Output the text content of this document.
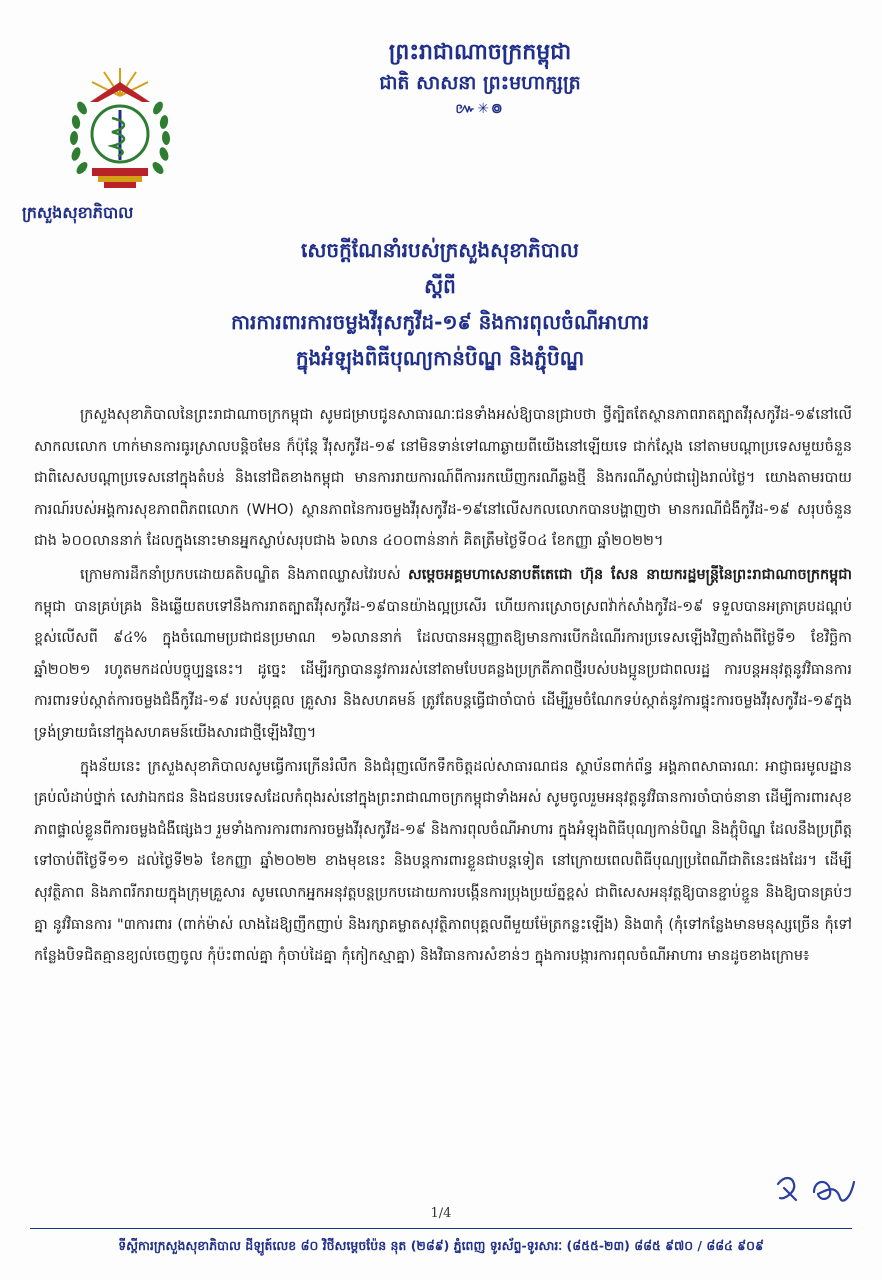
ក្រសួងសុខាភិបាល
ព្រះរាជាណាចក្រកម្ពុជា
ជាតិ សាសនា ព្រះមហាក្សត្រ
៚✳៙
សេចក្តីណែនាំរបស់ក្រសួងសុខាភិបាល
ស្តីពី
ការការពារការចម្លងវីរុសកូវីដ-១៩ និងការពុលចំណីអាហារ
ក្នុងអំឡុងពិធីបុណ្យកាន់បិណ្ឌ និងភ្ជុំបិណ្ឌ

ក្រសួងសុខាភិបាលនៃព្រះរាជាណាចក្រកម្ពុជា សូមជម្រាបជូនសាធារណៈជនទាំងអស់ឱ្យបានជ្រាបថា ថ្វីត្បិតតែស្ថានភាពរាតត្បាតវីរុសកូវីដ-១៩នៅលើសាកលលោក ហាក់មានការធូរស្រាលបន្តិចមែន ក៏ប៉ុន្តែ វីរុសកូវីដ-១៩ នៅមិនទាន់ទៅណាឆ្ងាយពីយើងនៅឡើយទេ ជាក់ស្តែង នៅតាមបណ្តាប្រទេសមួយចំនួន ជាពិសេសបណ្តាប្រទេសនៅក្នុងតំបន់ និងនៅជិតខាងកម្ពុជា មានការរាយការណ៍ពីការរកឃើញករណីឆ្លងថ្មី និងករណីស្លាប់ជារៀងរាល់ថ្ងៃ។ យោងតាមរបាយការណ៍របស់អង្គការសុខភាពពិភពលោក (WHO) ស្ថានភាពនៃការចម្លងវីរុសកូវីដ-១៩នៅលើសកលលោកបានបង្ហាញថា មានករណីជំងឺកូវីដ-១៩ សរុបចំនួនជាង ៦០០លាននាក់ ដែលក្នុងនោះមានអ្នកស្លាប់សរុបជាង ៦លាន ៤០០ពាន់នាក់ គិតត្រឹមថ្ងៃទី០៤ ខែកញ្ញា ឆ្នាំ២០២២។

ក្រោមការដឹកនាំប្រកបដោយគតិបណ្ឌិត និងភាពឈ្លាសវៃរបស់ សម្តេចអគ្គមហាសេនាបតីតេជោ ហ៊ុន សែន នាយករដ្ឋមន្ត្រីនៃព្រះរាជាណាចក្រកម្ពុជា កម្ពុជា បានគ្រប់គ្រង និងឆ្លើយតបទៅនឹងការរាតត្បាតវីរុសកូវីដ-១៩បានយ៉ាងល្អប្រសើរ ហើយការស្រោចស្រពវ៉ាក់សាំងកូវីដ-១៩ ទទួលបានអត្រាគ្របដណ្តប់ខ្ពស់លើសពី ៩៤% ក្នុងចំណោមប្រជាជនប្រមាណ ១៦លាននាក់ ដែលបានអនុញ្ញាតឱ្យមានការបើកដំណើរការប្រទេសឡើងវិញតាំងពីថ្ងៃទី១ ខែវិច្ឆិកា ឆ្នាំ២០២១ រហូតមកដល់បច្ចុប្បន្ននេះ។ ដូច្នេះ ដើម្បីរក្សាបាននូវការរស់នៅតាមបែបគន្លងប្រក្រតីភាពថ្មីរបស់បងប្អូនប្រជាពលរដ្ឋ ការបន្តអនុវត្តនូវវិធានការការពារទប់ស្កាត់ការចម្លងជំងឺកូវីដ-១៩ របស់បុគ្គល គ្រួសារ និងសហគមន៍ ត្រូវតែបន្តធ្វើជាចាំបាច់ ដើម្បីរួមចំណែកទប់ស្កាត់នូវការផ្ទុះការចម្លងវីរុសកូវីដ-១៩ក្នុងទ្រង់ទ្រាយធំនៅក្នុងសហគមន៍យើងសារជាថ្មីឡើងវិញ។

ក្នុងន័យនេះ ក្រសួងសុខាភិបាលសូមធ្វើការក្រើនរំលឹក និងជំរុញលើកទឹកចិត្តដល់សាធារណជន ស្ថាប័នពាក់ព័ន្ធ អង្គភាពសាធារណៈ អាជ្ញាធរមូលដ្ឋានគ្រប់លំដាប់ថ្នាក់ សេវាឯកជន និងជនបរទេសដែលកំពុងរស់នៅក្នុងព្រះរាជាណាចក្រកម្ពុជាទាំងអស់ សូមចូលរួមអនុវត្តនូវវិធានការចាំបាច់នានា ដើម្បីការពារសុខភាពផ្ទាល់ខ្លួនពីការចម្លងជំងឺផ្សេងៗ រួមទាំងការការពារការចម្លងវីរុសកូវីដ-១៩ និងការពុលចំណីអាហារ ក្នុងអំឡុងពិធីបុណ្យកាន់បិណ្ឌ និងភ្ជុំបិណ្ឌ ដែលនឹងប្រព្រឹត្តទៅចាប់ពីថ្ងៃទី១១ ដល់ថ្ងៃទី២៦ ខែកញ្ញា ឆ្នាំ២០២២ ខាងមុខនេះ និងបន្តការពារខ្លួនជាបន្តទៀត នៅក្រោយពេលពិធីបុណ្យប្រពៃណីជាតិនេះផងដែរ។ ដើម្បីសុវត្ថិភាព និងភាពរីករាយក្នុងក្រុមគ្រួសារ សូមលោកអ្នកអនុវត្តបន្តប្រកបដោយការបង្កើនការប្រុងប្រយ័ត្នខ្ពស់ ជាពិសេសអនុវត្តឱ្យបានខ្ជាប់ខ្ជួន និងឱ្យបានគ្រប់ៗគ្នា នូវវិធានការ "៣ការពារ (ពាក់ម៉ាស់ លាងដៃឱ្យញឹកញាប់ និងរក្សាគម្លាតសុវត្ថិភាពបុគ្គលពីមួយម៉ែត្រកន្លះឡើង) និង៣កុំ (កុំទៅកន្លែងមានមនុស្សច្រើន កុំទៅកន្លែងបិទជិតគ្មានខ្យល់ចេញចូល កុំប៉ះពាល់គ្នា កុំចាប់ដៃគ្នា កុំកៀកស្មាគ្នា) និងវិធានការសំខាន់ៗ ក្នុងការបង្ការការពុលចំណីអាហារ មានដូចខាងក្រោម៖

1/4
ទីស្តីការក្រសួងសុខាភិបាល ដីឡូត៍លេខ ៨០ វិថីសម្តេចប៉ែន នុត (២៨៩) ភ្នំពេញ ទូរស័ព្ទ-ទូរសារៈ (៨៥៥-២៣) ៨៨៥ ៩៧០ / ៨៨៤ ៩០៩
